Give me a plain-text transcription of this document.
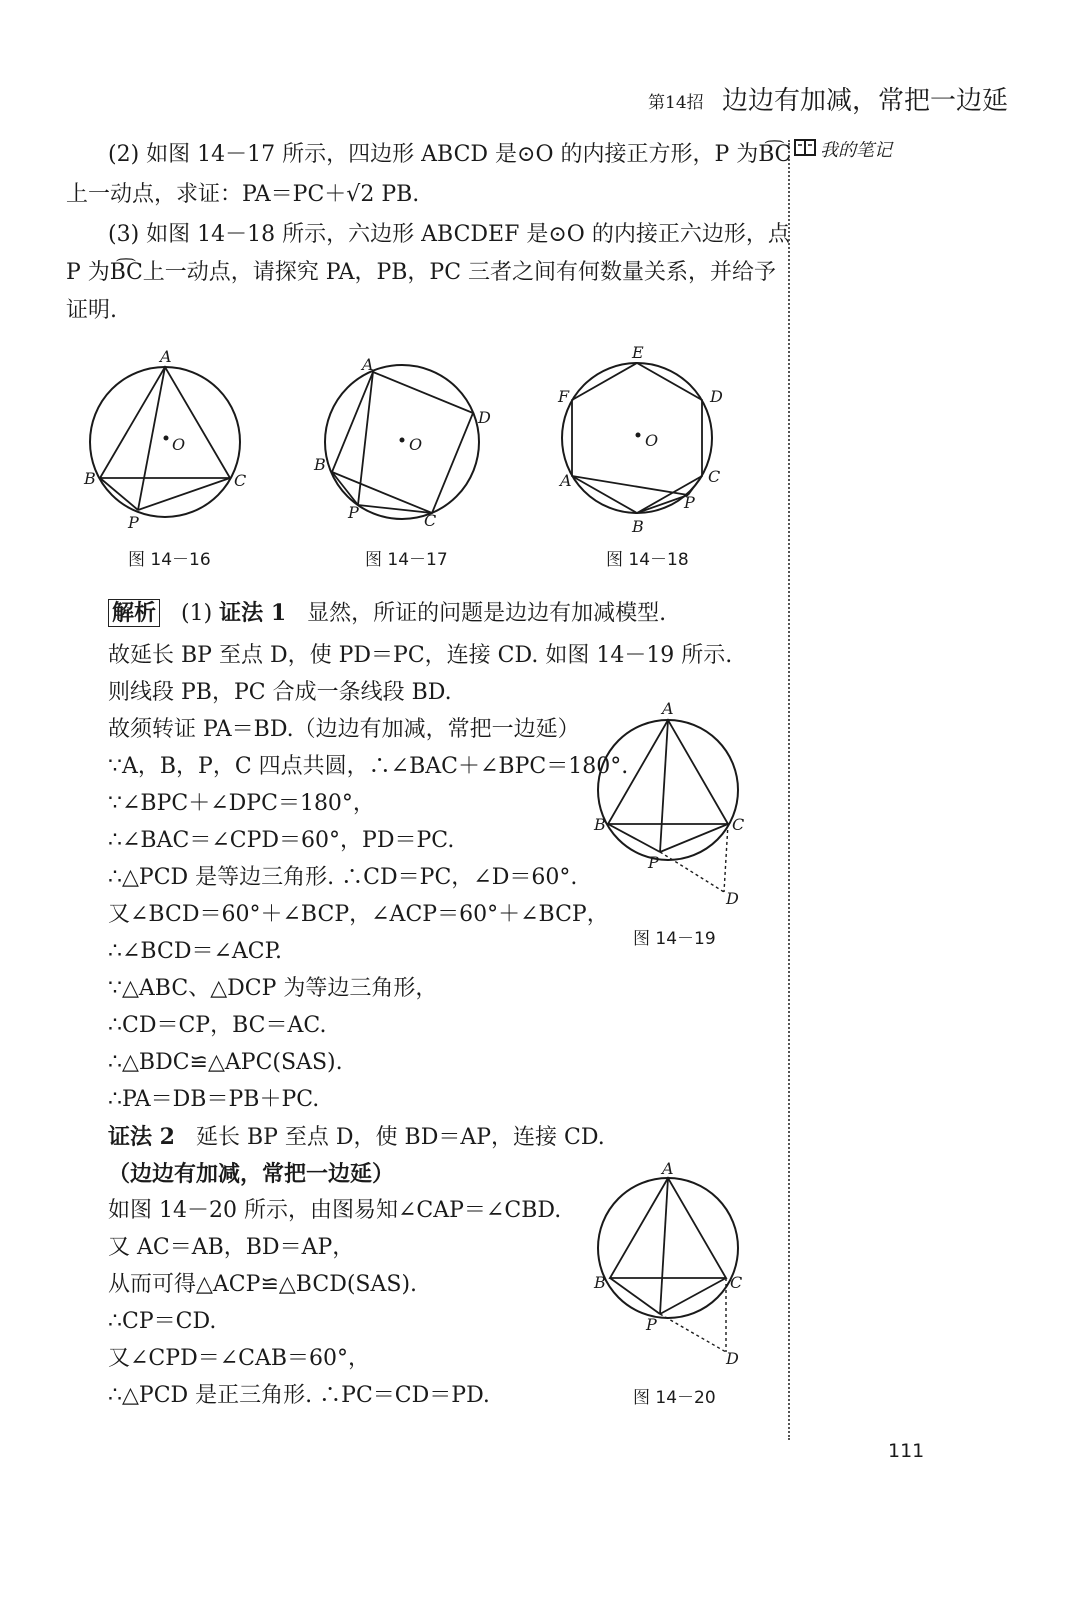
第14招 边边有加减，常把一边延
我的笔记
(2) 如图 14－17 所示，四边形 ABCD 是⊙O 的内接正方形，P 为B͡C
上一动点，求证：PA＝PC＋√2 PB.
(3) 如图 14－18 所示，六边形 ABCDEF 是⊙O 的内接正六边形，点
P 为B͡C上一动点，请探究 PA，PB，PC 三者之间有何数量关系，并给予
证明.
A
B	C
P
O
图 14－16
A
B
C
D
P
O
图 14－17
E
F	D
A	C
B
P
O
图 14－18
解析 (1) 证法 1 显然，所证的问题是边边有加减模型.
故延长 BP 至点 D，使 PD＝PC，连接 CD. 如图 14－19 所示.
则线段 PB，PC 合成一条线段 BD.
故须转证 PA＝BD.（边边有加减，常把一边延）
∵A，B，P，C 四点共圆，∴∠BAC＋∠BPC＝180°.
∵∠BPC＋∠DPC＝180°，
∴∠BAC＝∠CPD＝60°，PD＝PC.
∴△PCD 是等边三角形. ∴CD＝PC，∠D＝60°.
又∠BCD＝60°＋∠BCP，∠ACP＝60°＋∠BCP，
∴∠BCD＝∠ACP.
∵△ABC、△DCP 为等边三角形，
∴CD＝CP，BC＝AC.
∴△BDC≌△APC(SAS).
∴PA＝DB＝PB＋PC.
证法 2 延长 BP 至点 D，使 BD＝AP，连接 CD.
（边边有加减，常把一边延）
如图 14－20 所示，由图易知∠CAP＝∠CBD.
又 AC＝AB，BD＝AP，
从而可得△ACP≌△BCD(SAS).
∴CP＝CD.
又∠CPD＝∠CAB＝60°，
∴△PCD 是正三角形. ∴PC＝CD＝PD.
A
B	C
P
D
图 14－19
A
B	C
P
D
图 14－20
111
